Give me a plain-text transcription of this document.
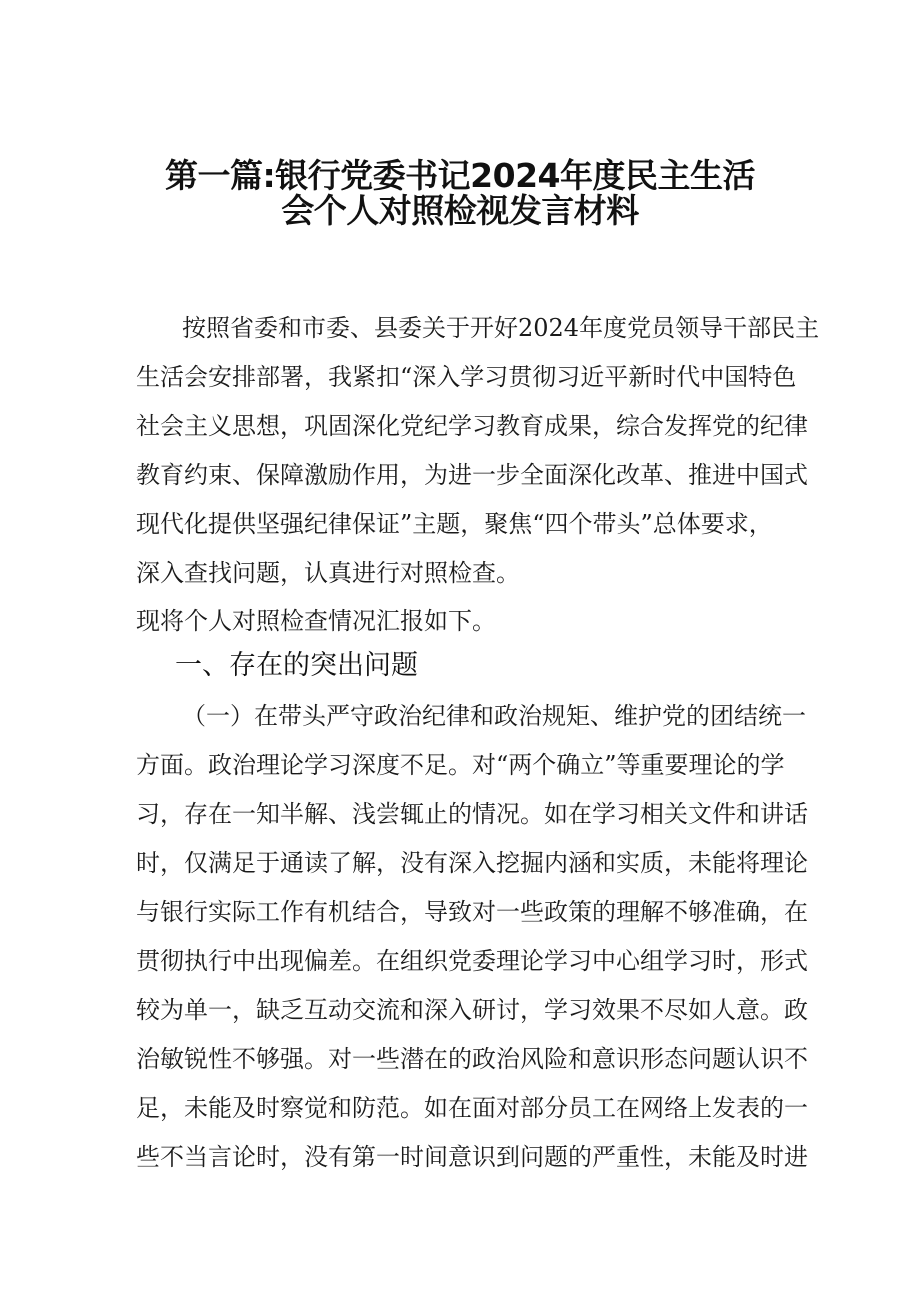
第一篇:银行党委书记2024年度民主生活
会个人对照检视发言材料
按照省委和市委、县委关于开好2024年度党员领导干部民主
生活会安排部署，我紧扣“深入学习贯彻习近平新时代中国特色
社会主义思想，巩固深化党纪学习教育成果，综合发挥党的纪律
教育约束、保障激励作用，为进一步全面深化改革、推进中国式
现代化提供坚强纪律保证”主题，聚焦“四个带头”总体要求，
深入查找问题，认真进行对照检查。
现将个人对照检查情况汇报如下。
一、存在的突出问题
（一）在带头严守政治纪律和政治规矩、维护党的团结统一
方面。政治理论学习深度不足。对“两个确立”等重要理论的学
习，存在一知半解、浅尝辄止的情况。如在学习相关文件和讲话
时，仅满足于通读了解，没有深入挖掘内涵和实质，未能将理论
与银行实际工作有机结合，导致对一些政策的理解不够准确，在
贯彻执行中出现偏差。在组织党委理论学习中心组学习时，形式
较为单一，缺乏互动交流和深入研讨，学习效果不尽如人意。政
治敏锐性不够强。对一些潜在的政治风险和意识形态问题认识不
足，未能及时察觉和防范。如在面对部分员工在网络上发表的一
些不当言论时，没有第一时间意识到问题的严重性，未能及时进
